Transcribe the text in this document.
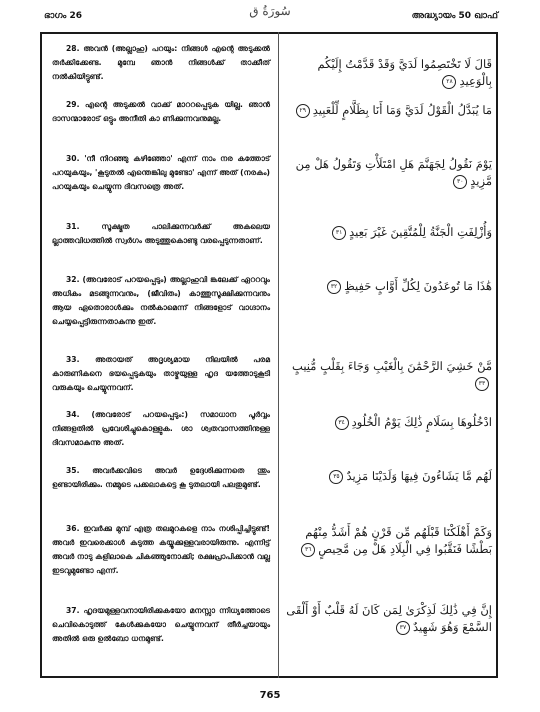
ഭാഗം 26	سُورَةُ ق	അദ്ധ്യായം 50 ഖാഫ്
28. അവൻ (അല്ലാഹു) പറയും: നിങ്ങൾ എന്റെ അടുക്കൽ തർക്കിക്കേണ്ട. മുമ്പേ ഞാൻ നിങ്ങൾക്ക് താക്കീത് നൽകിയിട്ടുണ്ട്.
29. എന്റെ അടുക്കൽ വാക്ക് മാററപ്പെടുക യില്ല. ഞാൻ ദാസന്മാരോട് ഒട്ടും അനീതി കാ ണിക്കുന്നവനുമല്ല.
30. 'നീ നിറഞ്ഞു കഴിഞ്ഞോ' എന്ന് നാം നര കത്തോട് പറയുകയും, 'കൂടുതൽ എന്തെങ്കിലു മുണ്ടോ' എന്ന് അത് (നരകം) പറയുകയും ചെയ്യുന്ന ദിവസത്രെ അത്.
31.	സൂക്ഷ്മത പാലിക്കുന്നവർക്ക് അകലെയ ല്ലാത്തവിധത്തിൽ സ്വർഗം അടുത്തുകൊണ്ടു വരപ്പെടുന്നതാണ്.
32. (അവരോട് പറയപ്പെടും) അല്ലാഹുവി ങ്കലേക്ക് ഏററവും അധികം മടങ്ങുന്നവനും, (ജീവിതം) കാത്തുസൂക്ഷിക്കുന്നവനും ആയ ഏതൊരാൾക്കും നൽകാമെന്ന് നിങ്ങളോട് വാഗ്ദാനം ചെയ്യപ്പെട്ടിരുന്നതാകുന്നു ഇത്.
33. അതായത് അദൃശ്യമായ നിലയിൽ പരമ കാരുണികനെ ഭയപ്പെടുകയും താഴ്മയുള്ള ഹൃദ യത്തോടുകൂടി വരുകയും ചെയ്യുന്നവന്.
34. (അവരോട് പറയപ്പെടും:) സമാധാന പൂർവ്വം നിങ്ങളതിൽ പ്രവേശിച്ചുകൊള്ളുക. ശാ ശ്വതവാസത്തിനുള്ള ദിവസമാകുന്നു അത്.
35. അവർക്കവിടെ അവർ ഉദ്ദേശിക്കുന്നതെ ന്തും ഉണ്ടായിരിക്കും. നമ്മുടെ പക്കലാകട്ടെ കൂ ടുതലായി പലതുമുണ്ട്.
36. ഇവർക്കു മുമ്പ് എത്ര തലമുറകളെ നാം നശിപ്പിച്ചിട്ടുണ്ട്! അവർ ഇവരെക്കാൾ കടുത്ത കയ്യൂക്കുള്ളവരായിരുന്നു. എന്നിട്ട് അവർ നാടു കളിലാകെ ചികഞ്ഞുനോക്കി; രക്ഷപ്രാപിക്കാൻ വല്ല ഇടവുമുണ്ടോ എന്ന്.
37. ഹൃദയമുള്ളവനായിരിക്കുകയോ മനസ്സാ ന്നിധ്യത്തോടെ ചെവികൊടുത്ത് കേൾക്കുകയോ ചെയ്യുന്നവന് തീർച്ചയായും അതിൽ ഒരു ഉൽബോ ധനമുണ്ട്.
قَالَ لَا تَخْتَصِمُوا لَدَيَّ وَقَدْ قَدَّمْتُ إِلَيْكُم بِالْوَعِيدِ٢٨
مَا يُبَدَّلُ الْقَوْلُ لَدَيَّ وَمَا أَنَا بِظَلَّامٍ لِّلْعَبِيدِ٢٩
يَوْمَ نَقُولُ لِجَهَنَّمَ هَلِ امْتَلَأْتِ وَتَقُولُ هَلْ مِن مَّزِيدٍ٣٠
وَأُزْلِفَتِ الْجَنَّةُ لِلْمُتَّقِينَ غَيْرَ بَعِيدٍ٣١
هَٰذَا مَا تُوعَدُونَ لِكُلِّ أَوَّابٍ حَفِيظٍ٣٢
مَّنْ خَشِيَ الرَّحْمَٰنَ بِالْغَيْبِ وَجَاءَ بِقَلْبٍ مُّنِيبٍ٣٣
ادْخُلُوهَا بِسَلَامٍ ذَٰلِكَ يَوْمُ الْخُلُودِ٣٤
لَهُم مَّا يَشَاءُونَ فِيهَا وَلَدَيْنَا مَزِيدٌ٣٥
وَكَمْ أَهْلَكْنَا قَبْلَهُم مِّن قَرْنٍ هُمْ أَشَدُّ مِنْهُم بَطْشًا فَنَقَّبُوا فِي الْبِلَادِ هَلْ مِن مَّحِيصٍ٣٦
إِنَّ فِي ذَٰلِكَ لَذِكْرَىٰ لِمَن كَانَ لَهُ قَلْبٌ أَوْ أَلْقَى السَّمْعَ وَهُوَ شَهِيدٌ٣٧
765
